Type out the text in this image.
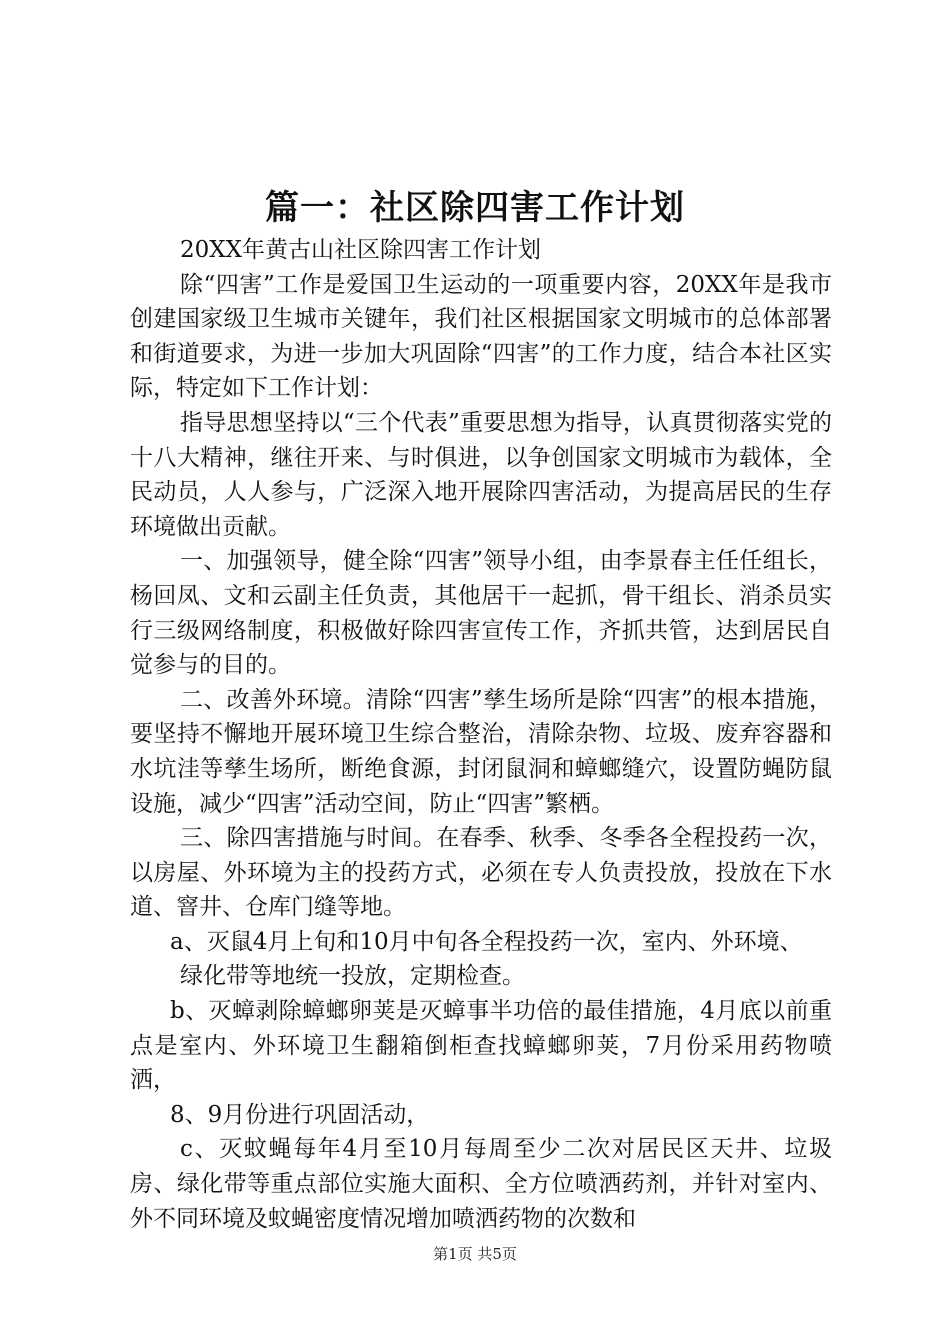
篇一：社区除四害工作计划

20XX年黄古山社区除四害工作计划

除“四害”工作是爱国卫生运动的一项重要内容，20XX年是我市创建国家级卫生城市关键年，我们社区根据国家文明城市的总体部署和街道要求，为进一步加大巩固除“四害”的工作力度，结合本社区实际，特定如下工作计划：

指导思想坚持以“三个代表”重要思想为指导，认真贯彻落实党的十八大精神，继往开来、与时俱进，以争创国家文明城市为载体，全民动员，人人参与，广泛深入地开展除四害活动，为提高居民的生存环境做出贡献。

一、加强领导，健全除“四害”领导小组，由李景春主任任组长，杨回凤、文和云副主任负责，其他居干一起抓，骨干组长、消杀员实行三级网络制度，积极做好除四害宣传工作，齐抓共管，达到居民自觉参与的目的。

二、改善外环境。清除“四害”孳生场所是除“四害”的根本措施，要坚持不懈地开展环境卫生综合整治，清除杂物、垃圾、废弃容器和水坑洼等孳生场所，断绝食源，封闭鼠洞和蟑螂缝穴，设置防蝇防鼠设施，减少“四害”活动空间，防止“四害”繁栖。

三、除四害措施与时间。在春季、秋季、冬季各全程投药一次，以房屋、外环境为主的投药方式，必须在专人负责投放，投放在下水道、窨井、仓库门缝等地。

a、灭鼠4月上旬和10月中旬各全程投药一次，室内、外环境、

绿化带等地统一投放，定期检查。

b、灭蟑剥除蟑螂卵荚是灭蟑事半功倍的最佳措施，4月底以前重点是室内、外环境卫生翻箱倒柜查找蟑螂卵荚，7月份采用药物喷洒，

8、9月份进行巩固活动，

c、灭蚊蝇每年4月至10月每周至少二次对居民区天井、垃圾房、绿化带等重点部位实施大面积、全方位喷洒药剂，并针对室内、外不同环境及蚊蝇密度情况增加喷洒药物的次数和

第1页 共5页
